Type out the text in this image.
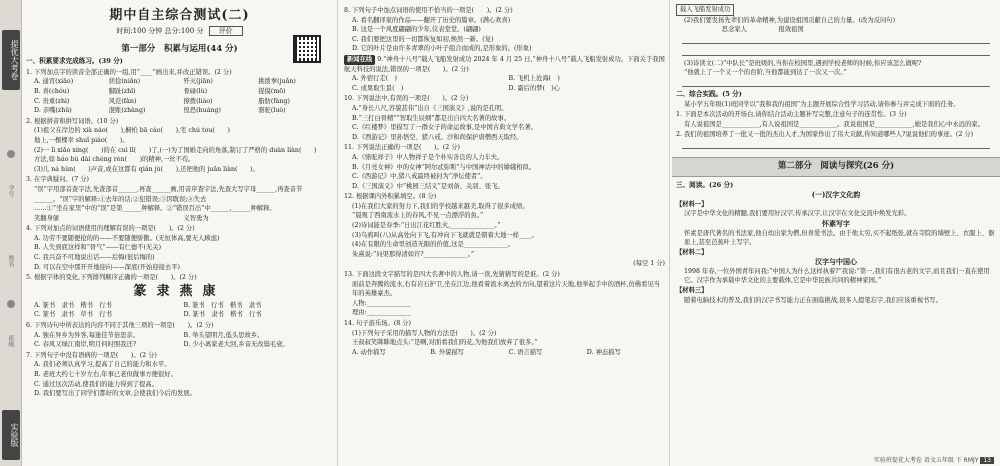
提优大考卷
学号
姓名
班级
实验版
期中自主综合测试(二)
时间:100 分钟 总分:100 分 评价
第一部分　积累与运用(44 分)
一、积累要求完成练习。(39 分)
1. 下列加点字的读音全部正确的一组,用“____”画出来,并改正错误。(2 分)
A. 通宵(xiāo)	搓捻(niǎn)	歼灭(jiān)	挑拨拳(juǎn)
B. 喜(chóu)	脚趾(zhǐ)	骨碌(lù)	捉摸(mō)
C. 贵重(zhì)	风范(fàn)	撩拨(liáo)	脂肪(fàng)
D. 亲嘴(zhǔ)	混账(zhàng)	惶恐(huáng)	骆驼(luò)
2. 根据拼音和拼写词语。(10 分)
(1)祖父在岸边的 xià náo(　　),桐柏 bā cáo(　　),宅 chú tou(　　)
地上,一棵棵幸 shuǐ piáo(　　)。
(2)一 lì xiǎo xíng(　　)的在 cuì lǐ(　　)了,(一)为了国婚走向的角落,制订了严格的 duàn liàn(　　)
方法,如 háo bù dài chéng rèn(　　)的精神,一丝不苟。
(3)儿 ná hùn(　　)声音,或在这都有 qián jù(　　),还把他的 juān liàn(　　)。
3. 在字典疑问。(7 分)
“误”字用部首查字法,先查部首______,再查______画,用音序查字法,先查大写字母______,再查音节______。“误”字的解释:①去年的话;②犯错误;③因耽误;④失去
……①“坐在家里”中的“误”是第______种解释。②“错误百出”中______,______种解释。
笑翻身躯	义智勇为
4. 下列对加点的词语使用的理解有误的一项是(　　)。(2 分)
A. 功劳不要随便抢的的——不要随便骄傲。(无恒体高,要无人顾虑)
B. 人失到底这样和“骨气”——有仁德不(无关)
C. 我兴奋不可地说出话——后悔(很后悔的)
D. 可以在空中那开开地迎向——深底(开始迎接去平)
5. 根据字体的变化,下列排列顺序正确的一项是(　　)。(2 分)
篆隶燕康
A. 篆书　隶书　楷书　行书	B. 篆书　行书　楷书　隶书
C. 篆书　隶书　草书　行书	D. 篆书　隶书　楷书　行书
6. 下列诗句中所表达的内容不同于其他三项的一项是(　　)。(2 分)
A. 独在异乡为异客,每逢佳节倍思亲。	B. 举头望明月,低头思故乡。
C. 春风又绿江南岸,明月何时照我还?	D. 少小离家老大回,乡音无改鬓毛衰。
7. 下列句子中没有语病的一项是(　　)。(2 分)
A. 我们必须认真学习,提高了自己的能力和水平。
B. 老班大约七十岁左右,年事已老但做事方便很好。
C. 通过这次活动,使我们的能力得到了提高。
D. 我们要写出了同学们都好的文章,会使我们今后的发展。
8. 下列句子中加点词语的使用不恰当的一项是(　　)。(2 分)
A. 看名翻译家的作品——翻开了历史的篇章。(满心欢喜)
B. 这是一个风度翩翩的少年,仪表堂堂。(翩翩)
C. 我们要把这里的一切都恢复如初,焕然一新。(复)
D. 它的叶片是由许多青翠的小叶子组合而成的,是形象的。(形象)
新闻在线 9.“神舟十八号”载人飞船发射成功 2024 年 4 月 25 日,“神舟十八号”载人飞船发射成功。下面关于我国航天科技的说法,错误的一项是(　　)。(2 分)
A. 外宿行走(　)	B. 飞机上沧海(　)
C. 成果取生景(　)	D. 霜后的梦(　)心
10. 下列说法中,有误的一项是(　　)。(2 分)
A.“身长八尺,容貌甚伟”出自《三国演义》,说的是孔明。
B.“三打白骨精”“智取生辰纲”都是出自四大名著的故事。
C.《红楼梦》里描写了一群女子的命运故事,是中国古典文学名著。
D.《西游记》里孙悟空、猪八戒、沙和尚保护唐僧西天取经。
11. 下列说法正确的一项是(　　)。(2 分)
A.《骆驼祥子》中人物祥子是个朴实善良的人力车夫。
B.《月亮女神》中的女神“阿尔忒弥斯”与中国神话中的嫦娥相似。
C.《西游记》中,猪八戒最终被封为“净坛使者”。
D.《三国演义》中“桃园三结义”是刘备、关羽、张飞。
12. 根据课内外积累填空。(8 分)
(1)在我们大家的努力下,我们的学校越来越美,取得了很多成绩。
“晨观了西南流水上的春风,不见一点漂浮的鱼。”
(2)诗词能是春季:“日出江花红胜火,______________。”
(3)乌鸦叫(八)从高处向下飞,有冲向下飞就就是朝着大地一样____。
(4)在有限的生命里创造无限的价值,这是______________。
朱熹说:“问渠那得清如许?______________。”
(每空 1 分)
13. 下面这段文字描写的是四大名著中的人物,请一读,先猜猜写的是谁。(2 分)
面前是奔腾的流水,右有岩石护卫,坐在江边,他看着流水离去的方向,望着这片天地,他举起手中的酒杯,仿佛看见当年的英雄豪杰。
人物:______________
理由:______________
14. 句子游乐场。(8 分)
(1)下列句子采用的描写人物的方法是(　　)。(2 分)
王叔叔笑眯眯地点头:“是啊,对面看我们的花,为他我们放弃了很多。”
A. 动作描写	B. 外貌描写	C. 语言描写	D. 神态描写
载入飞船发射成功
(2)我们要发扬先辈们的革命精神,为建设祖国贡献自己的力量。(改为反问句)
　　　　　　思念家人　　　　　报效祖国
(3)诗读文(二)“中队长”是班级的,当你在校园里,遇到学校老师的时候,你应该怎么做呢?
“他就上了一个又一个的台阶,当他都能到达了一次又一次。”
二、综合实践。(5 分)
某小学五年级(1)班同学以“我和我的祖国”为主题开展综合性学习活动,请你参与并完成下面的任务。
1. 下面是本次活动的开场白,请你结合活动主题补写完整,注意句子的连贯性。(3 分)
有人说祖国是____________,有人说祖国是____________。我说祖国是____________,她是我们心中永远的家。
2. 我们的祖国培养了一批又一批的杰出人才,为国家作出了伟大贡献,你知道哪些人?说说他们的事迹。(2 分)
第二部分　阅读与探究(26 分)
三、阅读。(26 分)
(一)汉字文化韵
【材料一】
汉字是中华文化的精髓,我们要用好汉字,传承汉字,让汉字在文化交流中焕发光彩。
怀素写字
怀素是唐代著名的书法家,他自幼出家为僧,但喜爱书法。由于他太穷,买不起纸张,就在寺院的墙壁上、衣服上、器皿上,甚至芭蕉叶上写字。
【材料二】
汉字与中国心
1998 年春,一位外国青年问我:“中国人为什么这样执着?”我说:“第一,我们有很古老的文字,而且我们一直在使用它。汉字作为承载中华文化的主要载体,它是中华民族共同的精神家园。”
【材料三】
随着电脑技术的普及,我们的汉字书写能力正在面临挑战,很多人提笔忘字,我们应该重视书写。
实验班提优大考卷 语文五年级 下 RMJY 13
